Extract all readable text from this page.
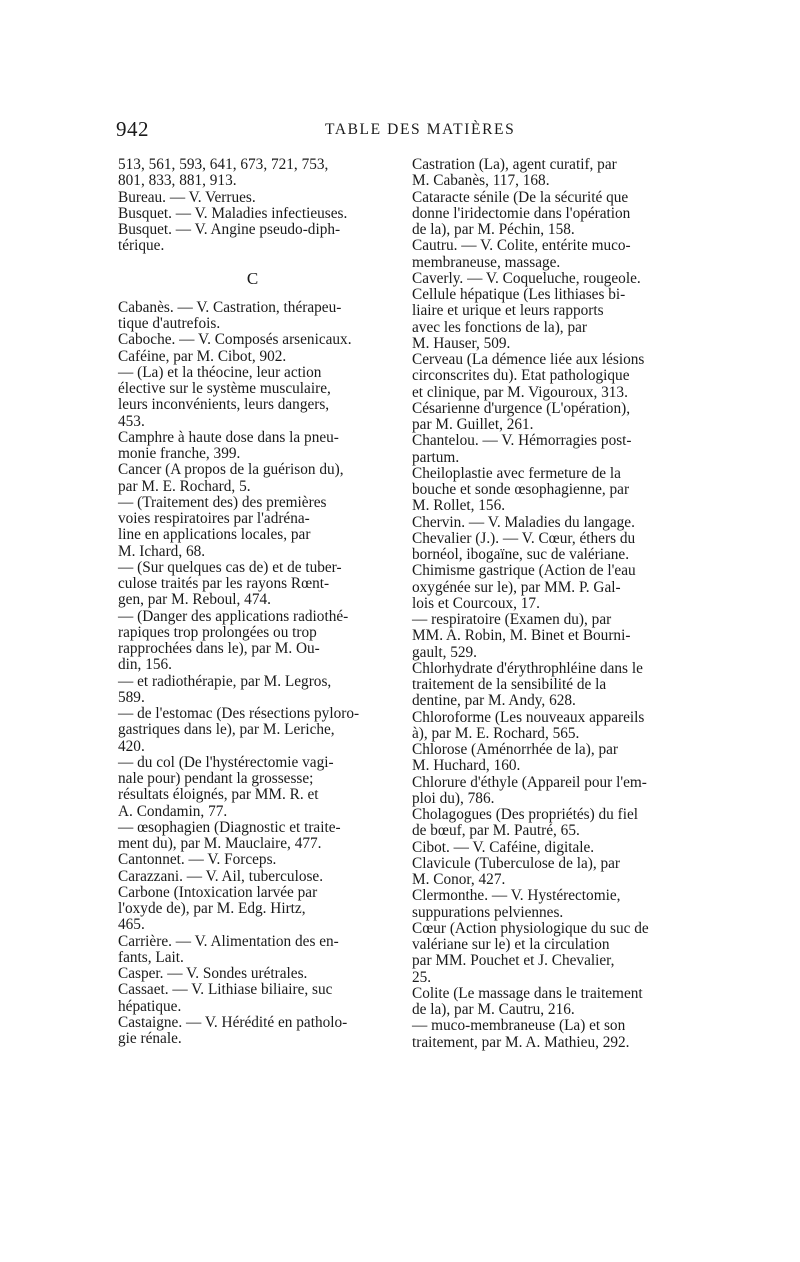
942	TABLE DES MATIÈRES

513, 561, 593, 641, 673, 721, 753,
801, 833, 881, 913.

Bureau. — V. Verrues.

Busquet. — V. Maladies infectieuses.

Busquet. — V. Angine pseudo-diph-
térique.

C

Cabanès. — V. Castration, thérapeu-
tique d'autrefois.

Caboche. — V. Composés arsenicaux.

Caféine, par M. Cibot, 902.

— (La) et la théocine, leur action
élective sur le système musculaire,
leurs inconvénients, leurs dangers,
453.

Camphre à haute dose dans la pneu-
monie franche, 399.

Cancer (A propos de la guérison du),
par M. E. Rochard, 5.

— (Traitement des) des premières
voies respiratoires par l'adréna-
line en applications locales, par
M. Ichard, 68.

— (Sur quelques cas de) et de tuber-
culose traités par les rayons Rœnt-
gen, par M. Reboul, 474.

— (Danger des applications radiothé-
rapiques trop prolongées ou trop
rapprochées dans le), par M. Ou-
din, 156.

— et radiothérapie, par M. Legros,
589.

— de l'estomac (Des résections pyloro-
gastriques dans le), par M. Leriche,
420.

— du col (De l'hystérectomie vagi-
nale pour) pendant la grossesse;
résultats éloignés, par MM. R. et
A. Condamin, 77.

— œsophagien (Diagnostic et traite-
ment du), par M. Mauclaire, 477.

Cantonnet. — V. Forceps.

Carazzani. — V. Ail, tuberculose.

Carbone (Intoxication larvée par
l'oxyde de), par M. Edg. Hirtz,
465.

Carrière. — V. Alimentation des en-
fants, Lait.

Casper. — V. Sondes urétrales.

Cassaet. — V. Lithiase biliaire, suc
hépatique.

Castaigne. — V. Hérédité en patholo-
gie rénale.

Castration (La), agent curatif, par
M. Cabanès, 117, 168.

Cataracte sénile (De la sécurité que
donne l'iridectomie dans l'opération
de la), par M. Péchin, 158.

Cautru. — V. Colite, entérite muco-
membraneuse, massage.

Caverly. — V. Coqueluche, rougeole.

Cellule hépatique (Les lithiases bi-
liaire et urique et leurs rapports
avec les fonctions de la), par
M. Hauser, 509.

Cerveau (La démence liée aux lésions
circonscrites du). Etat pathologique
et clinique, par M. Vigouroux, 313.

Césarienne d'urgence (L'opération),
par M. Guillet, 261.

Chantelou. — V. Hémorragies post-
partum.

Cheiloplastie avec fermeture de la
bouche et sonde œsophagienne, par
M. Rollet, 156.

Chervin. — V. Maladies du langage.

Chevalier (J.). — V. Cœur, éthers du
bornéol, ibogaïne, suc de valériane.

Chimisme gastrique (Action de l'eau
oxygénée sur le), par MM. P. Gal-
lois et Courcoux, 17.

— respiratoire (Examen du), par
MM. A. Robin, M. Binet et Bourni-
gault, 529.

Chlorhydrate d'érythrophléine dans le
traitement de la sensibilité de la
dentine, par M. Andy, 628.

Chloroforme (Les nouveaux appareils
à), par M. E. Rochard, 565.

Chlorose (Aménorrhée de la), par
M. Huchard, 160.

Chlorure d'éthyle (Appareil pour l'em-
ploi du), 786.

Cholagogues (Des propriétés) du fiel
de bœuf, par M. Pautré, 65.

Cibot. — V. Caféine, digitale.

Clavicule (Tuberculose de la), par
M. Conor, 427.

Clermonthe. — V. Hystérectomie,
suppurations pelviennes.

Cœur (Action physiologique du suc de
valériane sur le) et la circulation
par MM. Pouchet et J. Chevalier,
25.

Colite (Le massage dans le traitement
de la), par M. Cautru, 216.

— muco-membraneuse (La) et son
traitement, par M. A. Mathieu, 292.
